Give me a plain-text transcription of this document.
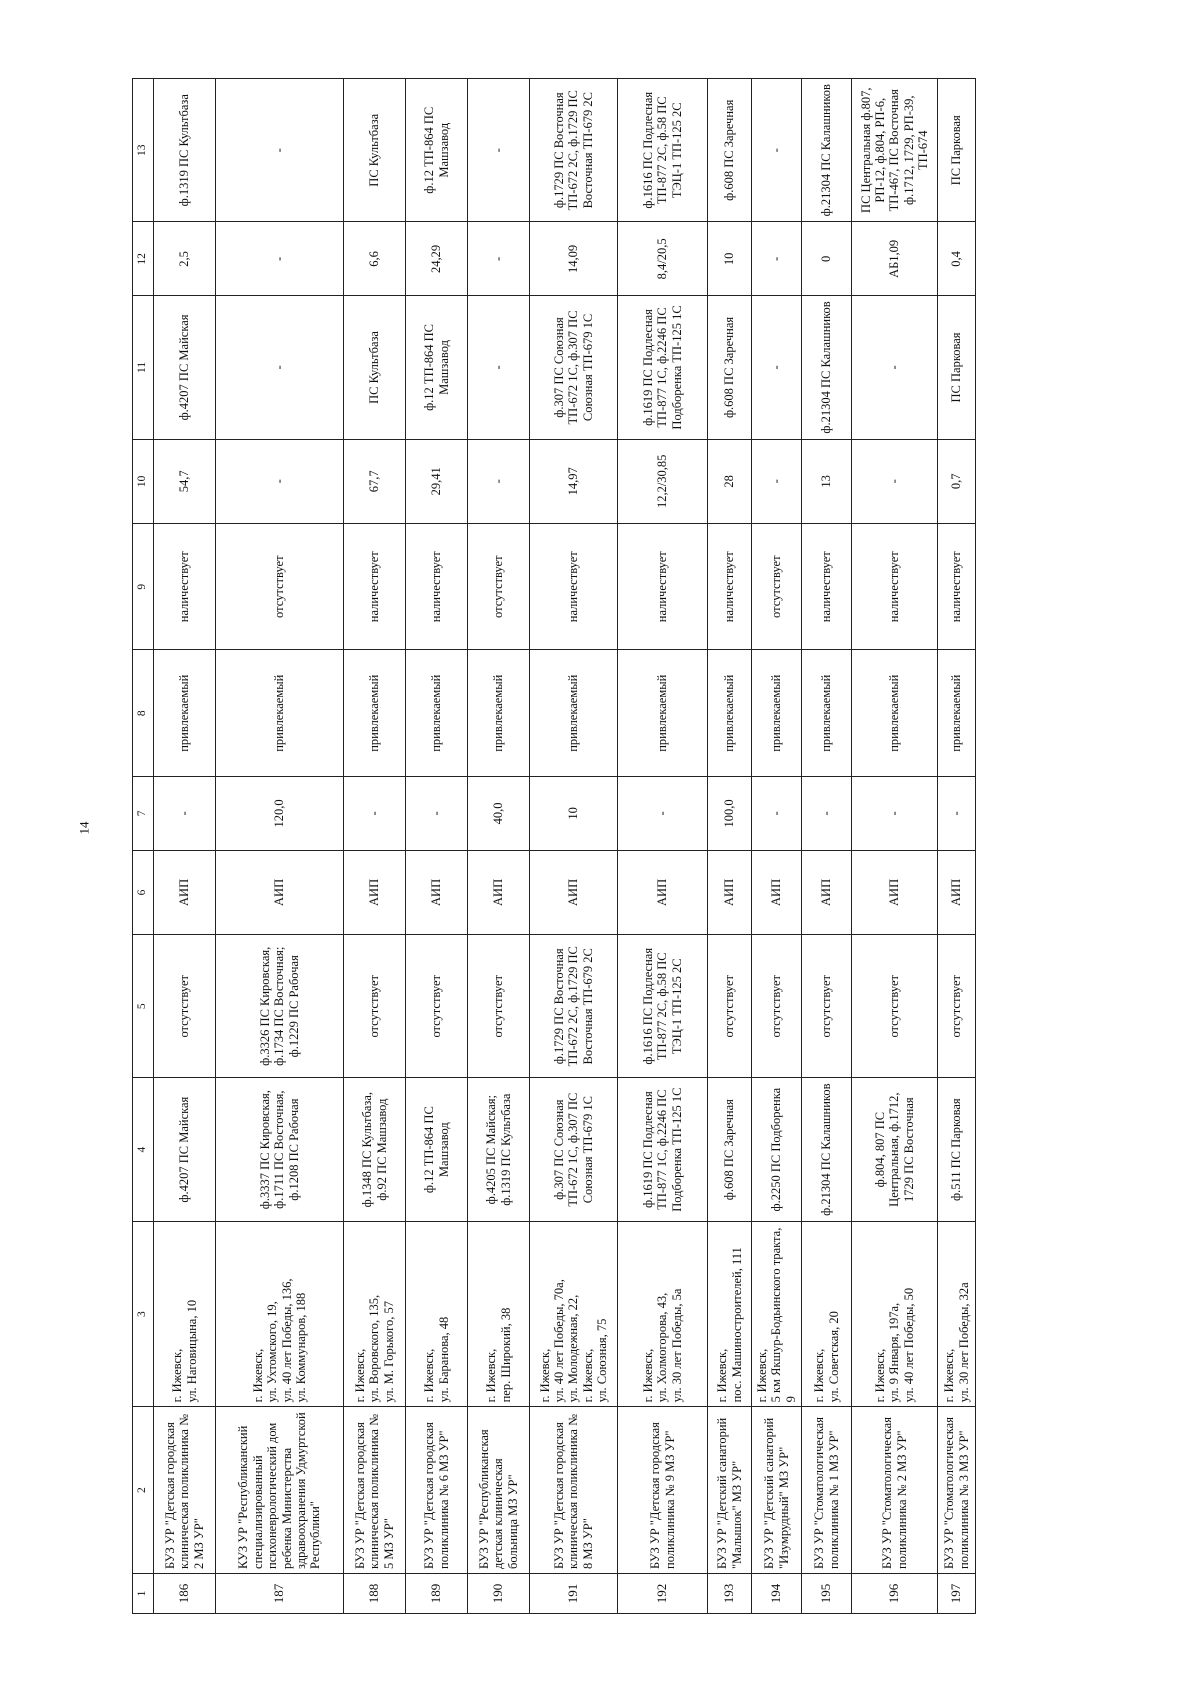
14
1	2	3	4	5	6	7	8	9	10	11	12	13
186	БУЗ УР "Детская городская клиническая поликлиника № 2 МЗ УР"	г. Ижевск,
ул. Наговицына, 10	ф.4207 ПС Майская	отсутствует	АИП	-	привлекаемый	наличествует	54,7	ф.4207 ПС Майская	2,5	ф.1319 ПС Культбаза
187	КУЗ УР "Республиканский специализированный психоневрологический дом ребенка Министерства здравоохранения Удмуртской Республики"	г. Ижевск,
ул. Ухтомского, 19,
ул. 40 лет Победы, 136,
ул. Коммунаров, 188	ф.3337 ПС Кировская, ф.1711 ПС Восточная, ф.1208 ПС Рабочая	ф.3326 ПС Кировская, ф.1734 ПС Восточная; ф.1229 ПС Рабочая	АИП	120,0	привлекаемый	отсутствует	-	-	-	-
188	БУЗ УР "Детская городская клиническая поликлиника № 5 МЗ УР"	г. Ижевск,
ул. Воровского, 135,
ул. М. Горького, 57	ф.1348 ПС Культбаза, ф.92 ПС Машзавод	отсутствует	АИП	-	привлекаемый	наличествует	67,7	ПС Культбаза	6,6	ПС Культбаза
189	БУЗ УР "Детская городская поликлиника № 6 МЗ УР"	г. Ижевск,
ул. Баранова, 48	ф.12 ТП-864 ПС Машзавод	отсутствует	АИП	-	привлекаемый	наличествует	29,41	ф.12 ТП-864 ПС Машзавод	24,29	ф.12 ТП-864 ПС Машзавод
190	БУЗ УР "Республиканская детская клиническая больница МЗ УР"	г. Ижевск,
пер. Широкий, 38	ф.4205 ПС Майская; ф.1319 ПС Культбаза	отсутствует	АИП	40,0	привлекаемый	отсутствует	-	-	-	-
191	БУЗ УР "Детская городская клиническая поликлиника № 8 МЗ УР"	г. Ижевск,
ул. 40 лет Победы, 70а,
ул. Молодежная, 22,
г. Ижевск,
ул. Союзная, 75	ф.307 ПС Союзная ТП-672 1С, ф.307 ПС Союзная ТП-679 1С	ф.1729 ПС Восточная ТП-672 2С, ф.1729 ПС Восточная ТП-679 2С	АИП	10	привлекаемый	наличествует	14,97	ф.307 ПС Союзная ТП-672 1С, ф.307 ПС Союзная ТП-679 1С	14,09	ф.1729 ПС Восточная ТП-672 2С, ф.1729 ПС Восточная ТП-679 2С
192	БУЗ УР "Детская городская поликлиника № 9 МЗ УР"	г. Ижевск,
ул. Холмогорова, 43,
ул. 30 лет Победы, 5а	ф.1619 ПС Подлесная ТП-877 1С, ф.2246 ПС Подборенка ТП-125 1С	ф.1616 ПС Подлесная ТП-877 2С, ф.58 ПС ТЭЦ-1 ТП-125 2С	АИП	-	привлекаемый	наличествует	12,2/30,85	ф.1619 ПС Подлесная ТП-877 1С, ф.2246 ПС Подборенка ТП-125 1С	8,4/20,5	ф.1616 ПС Подлесная ТП-877 2С, ф.58 ПС ТЭЦ-1 ТП-125 2С
193	БУЗ УР "Детский санаторий "Малышок" МЗ УР"	г. Ижевск,
пос. Машиностроителей, 111	ф.608 ПС Заречная	отсутствует	АИП	100,0	привлекаемый	наличествует	28	ф.608 ПС Заречная	10	ф.608 ПС Заречная
194	БУЗ УР "Детский санаторий "Изумрудный" МЗ УР"	г. Ижевск,
5 км Якшур-Бодьинского тракта, 9	ф.2250 ПС Подборенка	отсутствует	АИП	-	привлекаемый	отсутствует	-	-	-	-
195	БУЗ УР "Стоматологическая поликлиника № 1 МЗ УР"	г. Ижевск,
ул. Советская, 20	ф.21304 ПС Калашников	отсутствует	АИП	-	привлекаемый	наличествует	13	ф.21304 ПС Калашников	0	ф.21304 ПС Калашников
196	БУЗ УР "Стоматологическая поликлиника № 2 МЗ УР"	г. Ижевск,
ул. 9 Января, 197а,
ул. 40 лет Победы, 50	ф.804, 807 ПС Центральная, ф.1712, 1729 ПС Восточная	отсутствует	АИП	-	привлекаемый	наличествует	-	-	АБ1,09	ПС Центральная ф.807, РП-12, ф.804, РП-6, ТП-467, ПС Восточная ф.1712, 1729, РП-39, ТП-674
197	БУЗ УР "Стоматологическая поликлиника № 3 МЗ УР"	г. Ижевск,
ул. 30 лет Победы, 32а	ф.511 ПС Парковая	отсутствует	АИП	-	привлекаемый	наличествует	0,7	ПС Парковая	0,4	ПС Парковая
